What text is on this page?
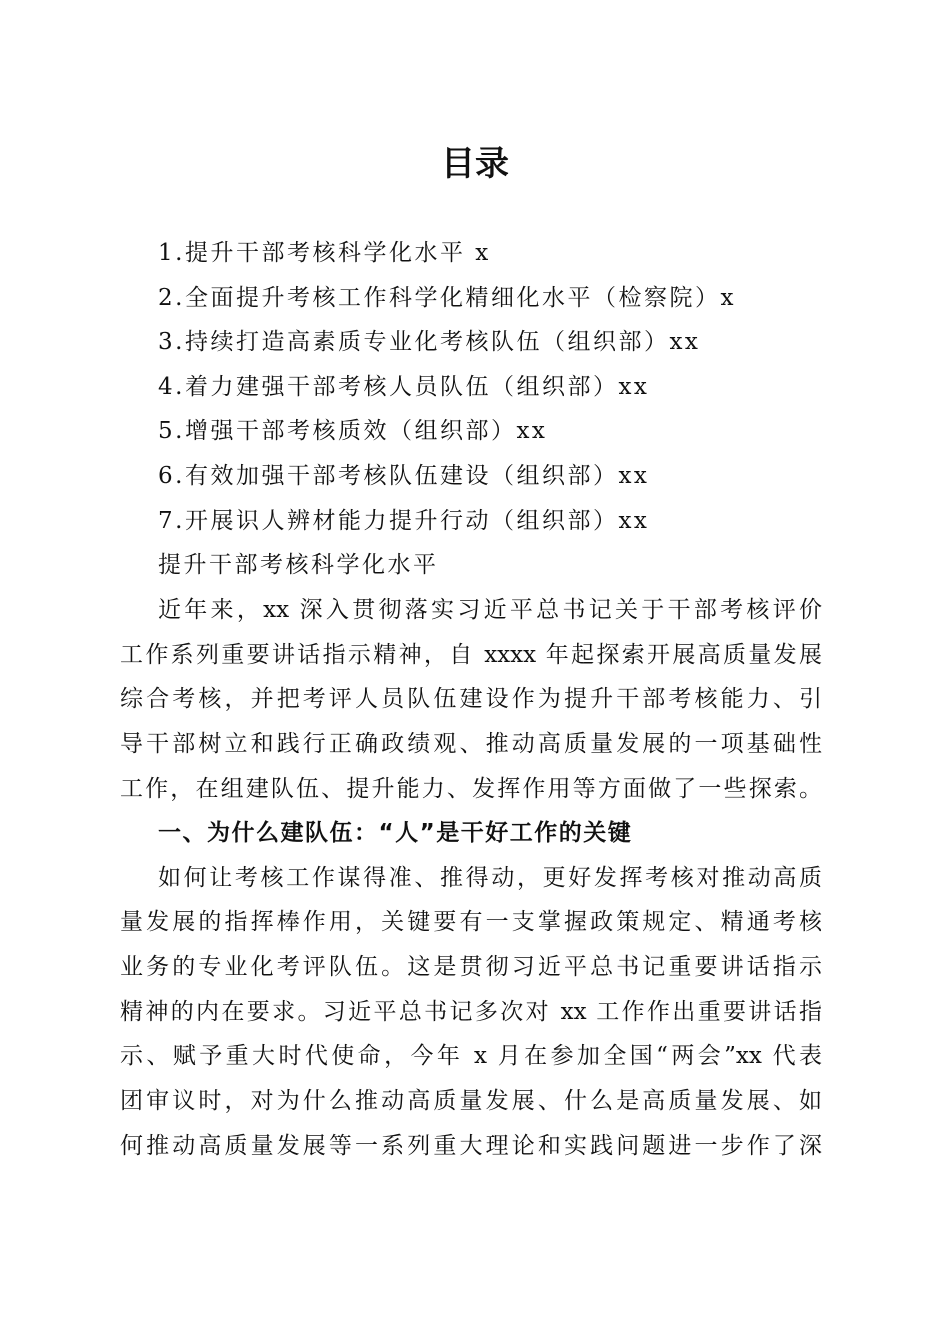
目录
1.提升干部考核科学化水平 x
2.全面提升考核工作科学化精细化水平（检察院）x
3.持续打造高素质专业化考核队伍（组织部）xx
4.着力建强干部考核人员队伍（组织部）xx
5.增强干部考核质效（组织部）xx
6.有效加强干部考核队伍建设（组织部）xx
7.开展识人辨材能力提升行动（组织部）xx
提升干部考核科学化水平
近年来，xx 深入贯彻落实习近平总书记关于干部考核评价
工作系列重要讲话指示精神，自 xxxx 年起探索开展高质量发展
综合考核，并把考评人员队伍建设作为提升干部考核能力、引
导干部树立和践行正确政绩观、推动高质量发展的一项基础性
工作，在组建队伍、提升能力、发挥作用等方面做了一些探索。
一、为什么建队伍：“人”是干好工作的关键
如何让考核工作谋得准、推得动，更好发挥考核对推动高质
量发展的指挥棒作用，关键要有一支掌握政策规定、精通考核
业务的专业化考评队伍。这是贯彻习近平总书记重要讲话指示
精神的内在要求。习近平总书记多次对 xx 工作作出重要讲话指
示、赋予重大时代使命，今年 x 月在参加全国“两会”xx 代表
团审议时，对为什么推动高质量发展、什么是高质量发展、如
何推动高质量发展等一系列重大理论和实践问题进一步作了深
